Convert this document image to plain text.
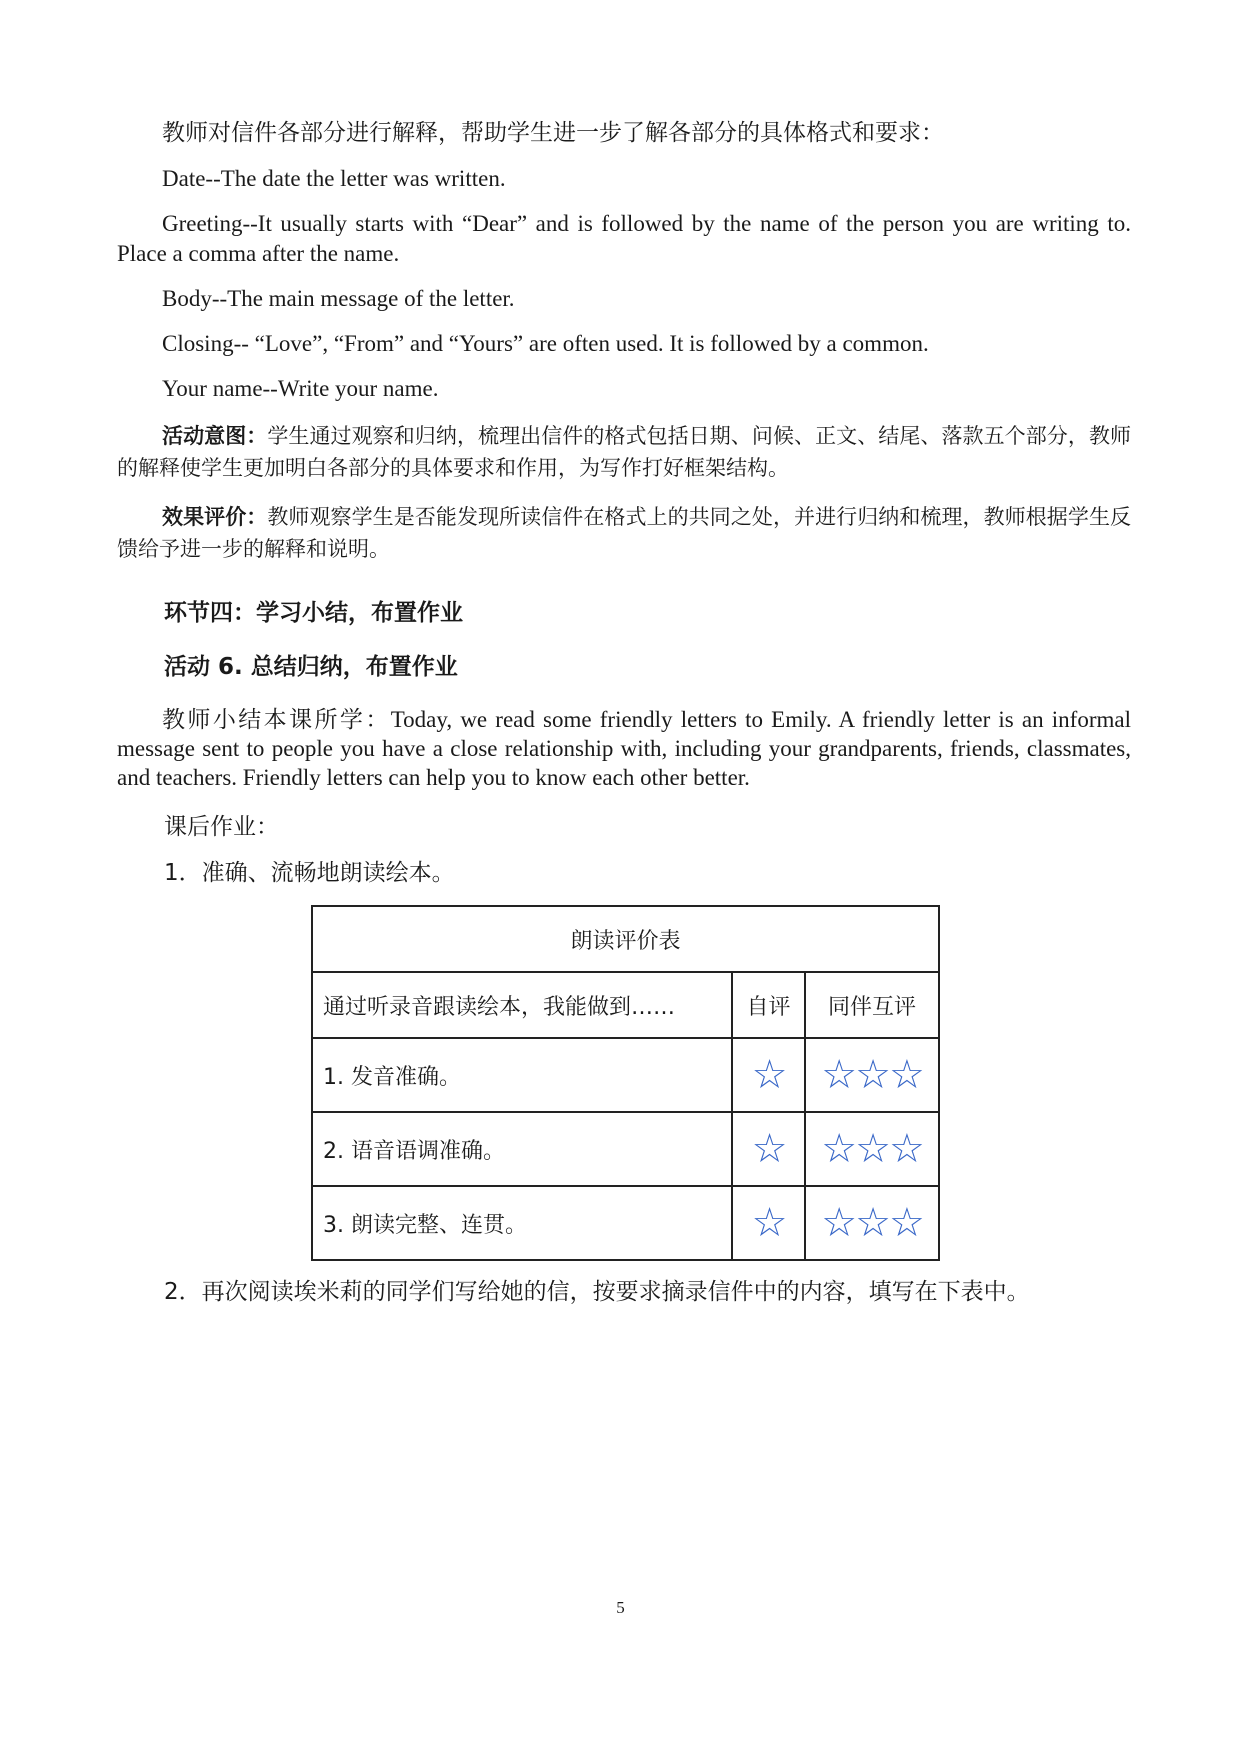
教师对信件各部分进行解释，帮助学生进一步了解各部分的具体格式和要求：
Date--The date the letter was written.
Greeting--It usually starts with “Dear” and is followed by the name of the person you are writing to. Place a comma after the name.
Body--The main message of the letter.
Closing-- “Love”, “From” and “Yours” are often used. It is followed by a common.
Your name--Write your name.
活动意图：学生通过观察和归纳，梳理出信件的格式包括日期、问候、正文、结尾、落款五个部分，教师的解释使学生更加明白各部分的具体要求和作用，为写作打好框架结构。
效果评价：教师观察学生是否能发现所读信件在格式上的共同之处，并进行归纳和梳理，教师根据学生反馈给予进一步的解释和说明。
环节四：学习小结，布置作业
活动 6. 总结归纳，布置作业
教师小结本课所学：Today, we read some friendly letters to Emily. A friendly letter is an informal message sent to people you have a close relationship with, including your grandparents, friends, classmates, and teachers. Friendly letters can help you to know each other better.
课后作业：
1．准确、流畅地朗读绘本。
朗读评价表		
通过听录音跟读绘本，我能做到……	自评	同伴互评
1. 发音准确。	☆	☆☆☆
2. 语音语调准确。	☆	☆☆☆
3. 朗读完整、连贯。	☆	☆☆☆
2．再次阅读埃米莉的同学们写给她的信，按要求摘录信件中的内容，填写在下表中。
5
